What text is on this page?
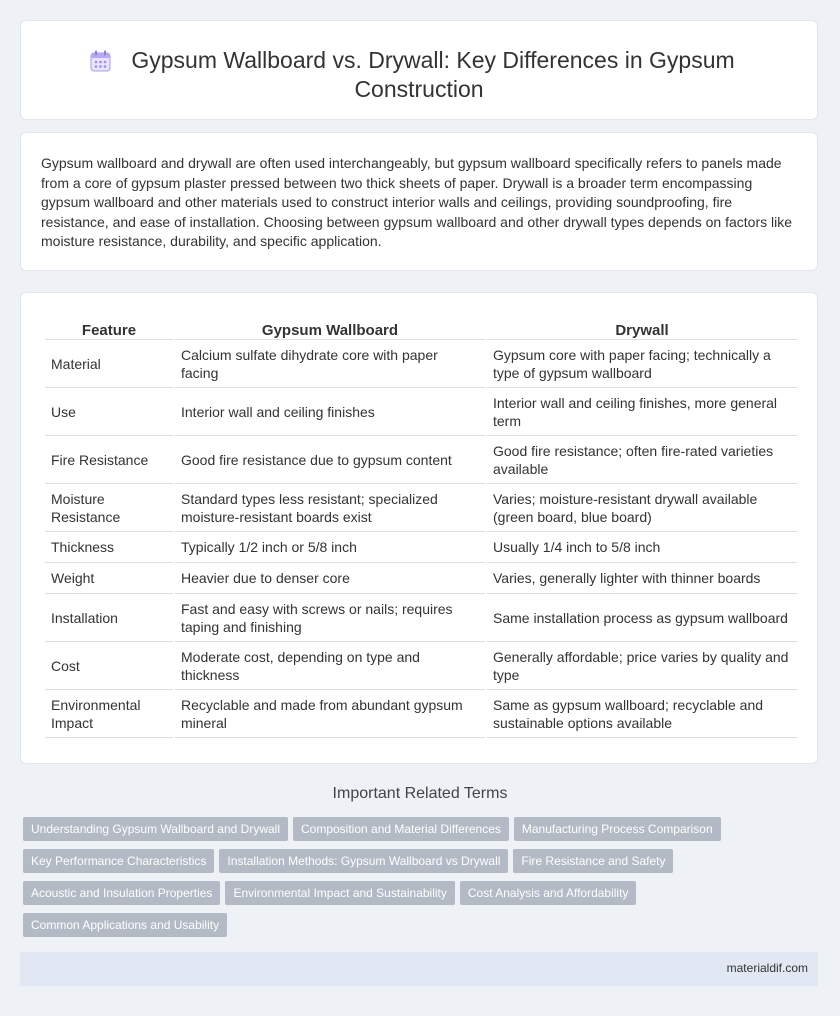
Gypsum Wallboard vs. Drywall: Key Differences in Gypsum
Construction
Gypsum wallboard and drywall are often used interchangeably, but gypsum wallboard specifically refers to panels made from a core of gypsum plaster pressed between two thick sheets of paper. Drywall is a broader term encompassing gypsum wallboard and other materials used to construct interior walls and ceilings, providing soundproofing, fire resistance, and ease of installation. Choosing between gypsum wallboard and other drywall types depends on factors like moisture resistance, durability, and specific application.
Feature	Gypsum Wallboard	Drywall
Material	Calcium sulfate dihydrate core with paper facing	Gypsum core with paper facing; technically a type of gypsum wallboard
Use	Interior wall and ceiling finishes	Interior wall and ceiling finishes, more general term
Fire Resistance	Good fire resistance due to gypsum content	Good fire resistance; often fire-rated varieties available
Moisture Resistance	Standard types less resistant; specialized moisture-resistant boards exist	Varies; moisture-resistant drywall available (green board, blue board)
Thickness	Typically 1/2 inch or 5/8 inch	Usually 1/4 inch to 5/8 inch
Weight	Heavier due to denser core	Varies, generally lighter with thinner boards
Installation	Fast and easy with screws or nails; requires taping and finishing	Same installation process as gypsum wallboard
Cost	Moderate cost, depending on type and thickness	Generally affordable; price varies by quality and type
Environmental Impact	Recyclable and made from abundant gypsum mineral	Same as gypsum wallboard; recyclable and sustainable options available
Important Related Terms
Understanding Gypsum Wallboard and Drywall Composition and Material Differences Manufacturing Process Comparison
Key Performance Characteristics Installation Methods: Gypsum Wallboard vs Drywall Fire Resistance and Safety
Acoustic and Insulation Properties Environmental Impact and Sustainability Cost Analysis and Affordability
Common Applications and Usability
materialdif.com
